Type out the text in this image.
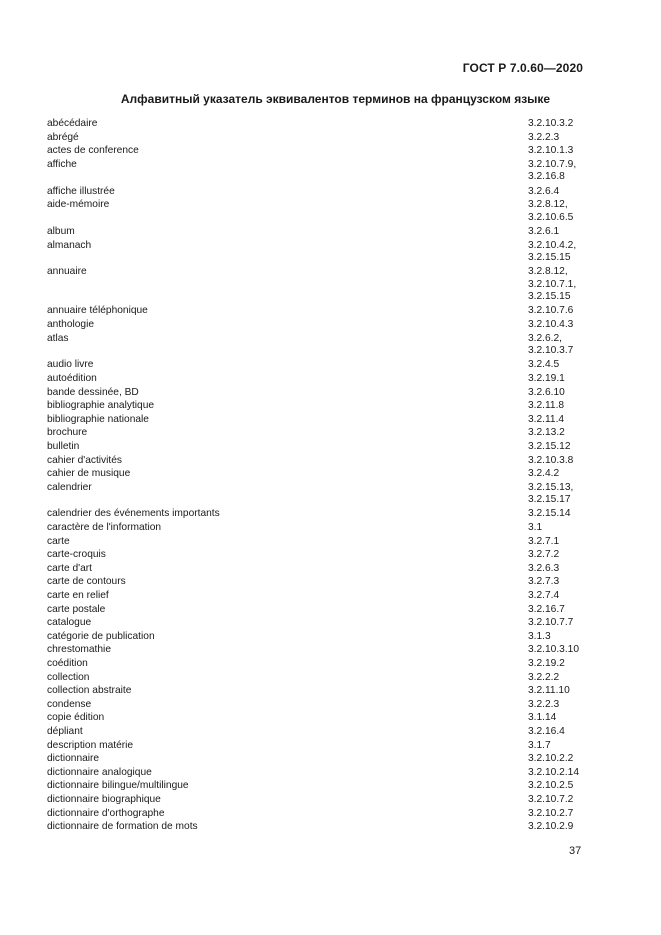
ГОСТ Р 7.0.60—2020
Алфавитный указатель эквивалентов терминов на французском языке
abécédaire	3.2.10.3.2
abrégé	3.2.2.3
actes de conference	3.2.10.1.3
affiche	3.2.10.7.9,
3.2.16.8
affiche illustrée	3.2.6.4
aide-mémoire	3.2.8.12,
3.2.10.6.5
album	3.2.6.1
almanach	3.2.10.4.2,
3.2.15.15
annuaire	3.2.8.12,
3.2.10.7.1,
3.2.15.15
annuaire téléphonique	3.2.10.7.6
anthologie	3.2.10.4.3
atlas	3.2.6.2,
3.2.10.3.7
audio livre	3.2.4.5
autoédition	3.2.19.1
bande dessinée, BD	3.2.6.10
bibliographie analytique	3.2.11.8
bibliographie nationale	3.2.11.4
brochure	3.2.13.2
bulletin	3.2.15.12
cahier d'activités	3.2.10.3.8
cahier de musique	3.2.4.2
calendrier	3.2.15.13,
3.2.15.17
calendrier des événements importants	3.2.15.14
caractère de l'information	3.1
carte	3.2.7.1
carte-croquis	3.2.7.2
carte d'art	3.2.6.3
carte de contours	3.2.7.3
carte en relief	3.2.7.4
carte postale	3.2.16.7
catalogue	3.2.10.7.7
catégorie de publication	3.1.3
chrestomathie	3.2.10.3.10
coédition	3.2.19.2
collection	3.2.2.2
collection abstraite	3.2.11.10
condense	3.2.2.3
copie édition	3.1.14
dépliant	3.2.16.4
description matérie	3.1.7
dictionnaire	3.2.10.2.2
dictionnaire analogique	3.2.10.2.14
dictionnaire bilingue/multilingue	3.2.10.2.5
dictionnaire biographique	3.2.10.7.2
dictionnaire d'orthographe	3.2.10.2.7
dictionnaire de formation de mots	3.2.10.2.9
37
